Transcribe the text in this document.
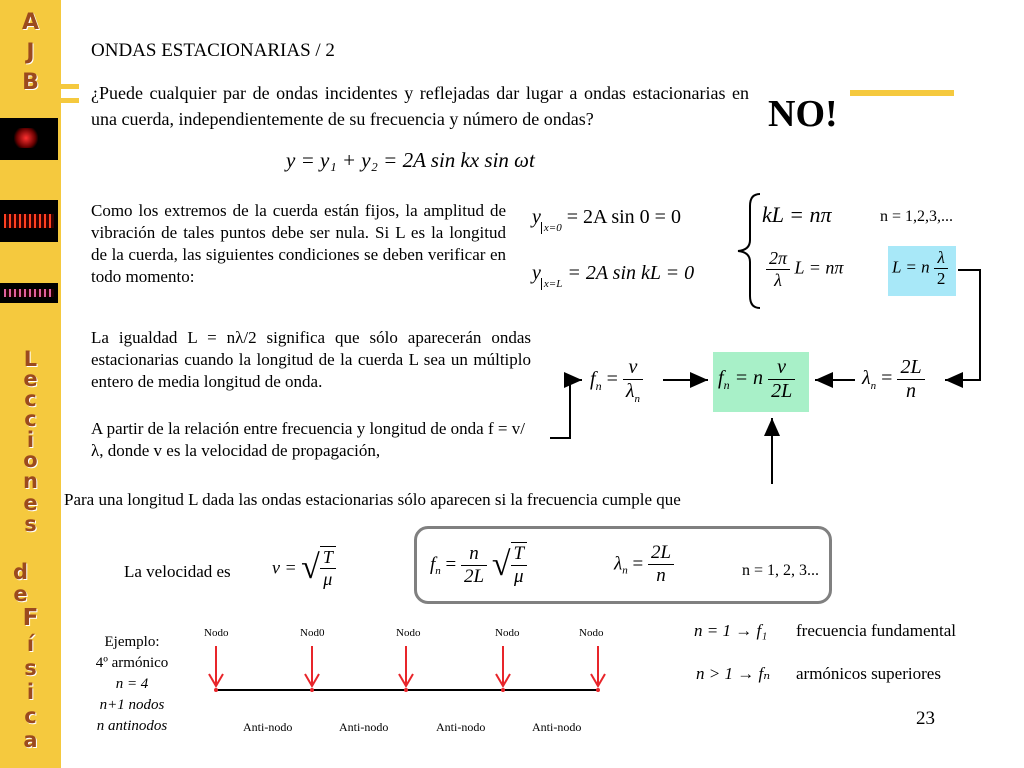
A
J
B
L
e
c
c
i
o
n
e
s
d
e
F
í
s
i
c
a
ONDAS ESTACIONARIAS / 2
¿Puede cualquier par de ondas incidentes y reflejadas dar lugar a ondas estacionarias en una cuerda, independientemente de su frecuencia y número de ondas?	NO!
y = y₁ + y₂ = 2A sin kx sin ωt
Como los extremos de la cuerda están fijos, la amplitud de vibración de tales puntos debe ser nula. Si L es la longitud de la cuerda, las siguientes condiciones se deben verificar en todo momento:
y $_{x=0}$ = 2A sin 0 = 0
y $_{x=L}$ = 2A sin kL = 0
kL = nπ	n = 1,2,3,...
$\frac{2\pi}{\lambda}$ L = nπ	L = n $\frac{\lambda}{2}$
La igualdad L = nλ/2 significa que sólo aparecerán ondas estacionarias cuando la longitud de la cuerda L sea un múltiplo entero de media longitud de onda.	$f_n = \frac{v}{\lambda_n}$	$f_n = n \frac{v}{2L}$	$\lambda_n = \frac{2L}{n}$
A partir de la relación entre frecuencia y longitud de onda f = v/λ, donde v es la velocidad de propagación,
Para una longitud L dada las ondas estacionarias sólo aparecen si la frecuencia cumple que
La velocidad es v = √ $\frac{T}{\mu}$	$f_n = \frac{n}{2L}$ √ $\frac{T}{\mu}$	$\lambda_n = \frac{2L}{n}$	n = 1, 2, 3...
Ejemplo:
4º armónico
n = 4
n+1 nodos
n antinodos
Nodo	Nod0	Nodo	Nodo	Nodo
Anti-nodo	Anti-nodo	Anti-nodo	Anti-nodo
n = 1 → f₁ frecuencia fundamental
n > 1 → fₙ armónicos superiores
23
